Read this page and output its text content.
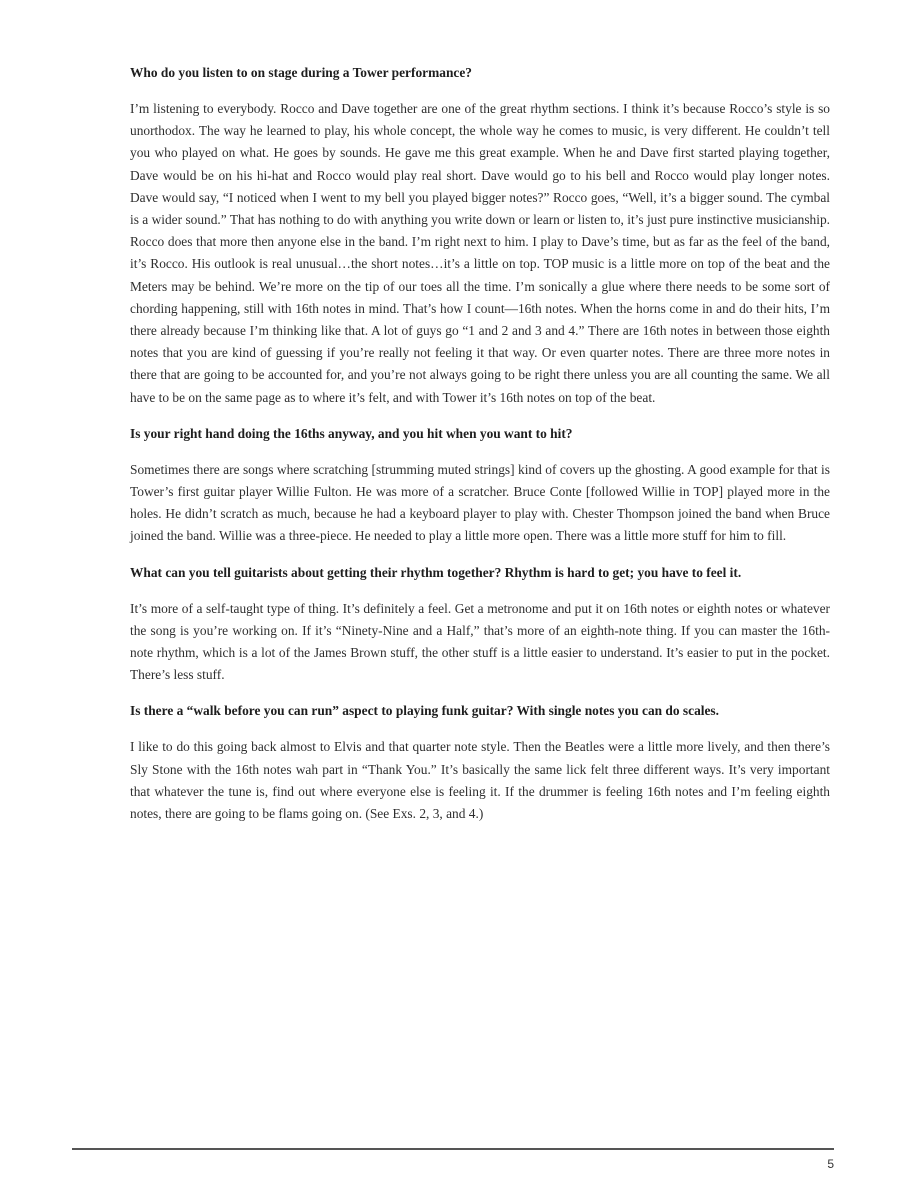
Who do you listen to on stage during a Tower performance?

I’m listening to everybody. Rocco and Dave together are one of the great rhythm sections. I think it’s because Rocco’s style is so unorthodox. The way he learned to play, his whole concept, the whole way he comes to music, is very different. He couldn’t tell you who played on what. He goes by sounds. He gave me this great example. When he and Dave first started playing together, Dave would be on his hi-hat and Rocco would play real short. Dave would go to his bell and Rocco would play longer notes. Dave would say, “I noticed when I went to my bell you played bigger notes?” Rocco goes, “Well, it’s a bigger sound. The cymbal is a wider sound.” That has nothing to do with anything you write down or learn or listen to, it’s just pure instinctive musicianship. Rocco does that more then anyone else in the band. I’m right next to him. I play to Dave’s time, but as far as the feel of the band, it’s Rocco. His outlook is real unusual…the short notes…it’s a little on top. TOP music is a little more on top of the beat and the Meters may be behind. We’re more on the tip of our toes all the time. I’m sonically a glue where there needs to be some sort of chording happening, still with 16th notes in mind. That’s how I count—16th notes. When the horns come in and do their hits, I’m there already because I’m thinking like that. A lot of guys go “1 and 2 and 3 and 4.” There are 16th notes in between those eighth notes that you are kind of guessing if you’re really not feeling it that way. Or even quarter notes. There are three more notes in there that are going to be accounted for, and you’re not always going to be right there unless you are all counting the same. We all have to be on the same page as to where it’s felt, and with Tower it’s 16th notes on top of the beat.

Is your right hand doing the 16ths anyway, and you hit when you want to hit?

Sometimes there are songs where scratching [strumming muted strings] kind of covers up the ghosting. A good example for that is Tower’s first guitar player Willie Fulton. He was more of a scratcher. Bruce Conte [followed Willie in TOP] played more in the holes. He didn’t scratch as much, because he had a keyboard player to play with. Chester Thompson joined the band when Bruce joined the band. Willie was a three-piece. He needed to play a little more open. There was a little more stuff for him to fill.

What can you tell guitarists about getting their rhythm together? Rhythm is hard to get; you have to feel it.

It’s more of a self-taught type of thing. It’s definitely a feel. Get a metronome and put it on 16th notes or eighth notes or whatever the song is you’re working on. If it’s “Ninety-Nine and a Half,” that’s more of an eighth-note thing. If you can master the 16th-note rhythm, which is a lot of the James Brown stuff, the other stuff is a little easier to understand. It’s easier to put in the pocket. There’s less stuff.

Is there a “walk before you can run” aspect to playing funk guitar? With single notes you can do scales.

I like to do this going back almost to Elvis and that quarter note style. Then the Beatles were a little more lively, and then there’s Sly Stone with the 16th notes wah part in “Thank You.” It’s basically the same lick felt three different ways. It’s very important that whatever the tune is, find out where everyone else is feeling it. If the drummer is feeling 16th notes and I’m feeling eighth notes, there are going to be flams going on. (See Exs. 2, 3, and 4.)

5
